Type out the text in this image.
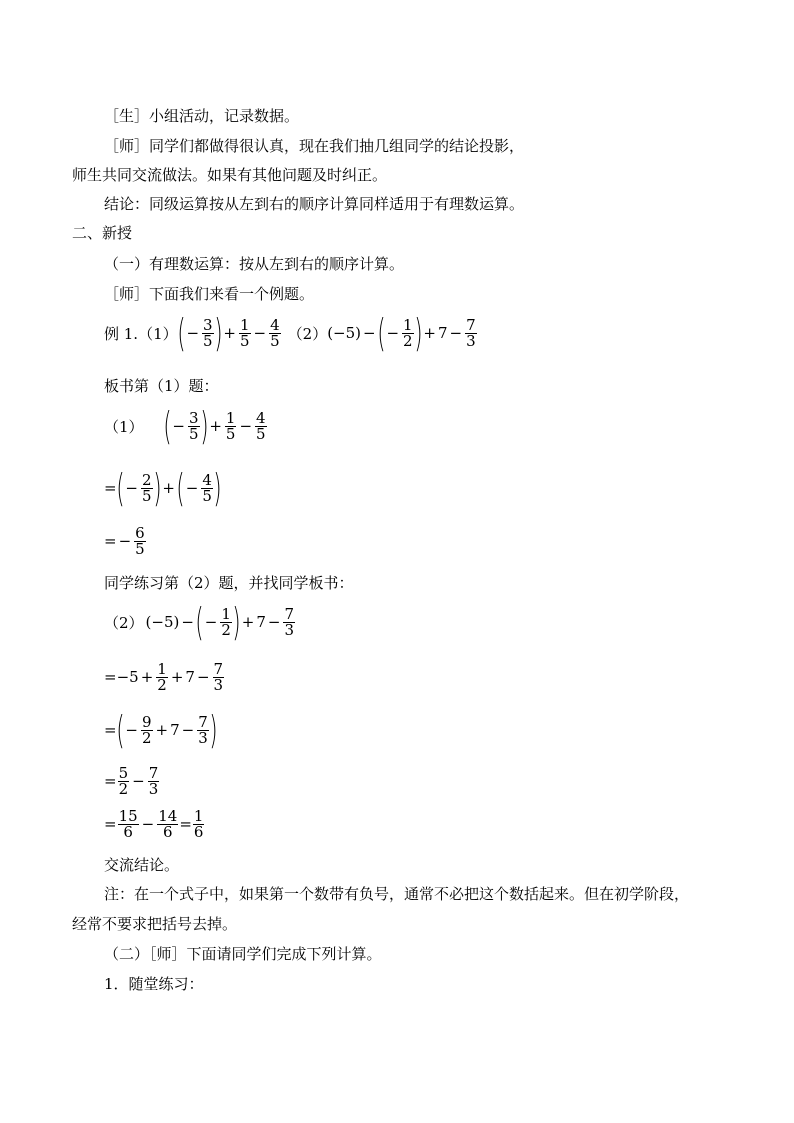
［生］小组活动，记录数据。
［师］同学们都做得很认真，现在我们抽几组同学的结论投影，
师生共同交流做法。如果有其他问题及时纠正。
结论：同级运算按从左到右的顺序计算同样适用于有理数运算。
二、新授
（一）有理数运算：按从左到右的顺序计算。
［师］下面我们来看一个例题。
例 1.（1） ( − $\frac{3}{5}$ ) + $\frac{1}{5} - \frac{4}{5} (2) (-5)$ − ( − $\frac{1}{2}$ ) + $7 - \frac{7}{3}$
板书第（1）题：
（1） ( − $\frac{3}{5}$ ) + $\frac{1}{5} - \frac{4}{5}$
= ( − $\frac{2}{5}$ ) + ( − $\frac{4}{5}$ )
= − $\frac{6}{5}$
同学练习第（2）题，并找同学板书：
（2） (−5) − ( − $\frac{1}{2}$ ) + $7 - \frac{7}{3}$
= $-5 + \frac{1}{2} + 7 - \frac{7}{3}$
= ( − $\frac{9}{2} + 7 - \frac{7}{3}$ )
= $\frac{5}{2} - \frac{7}{3}$
= $\frac{15}{6} - \frac{14}{6} = \frac{1}{6}$
交流结论。
注：在一个式子中，如果第一个数带有负号，通常不必把这个数括起来。但在初学阶段，
经常不要求把括号去掉。
（二）［师］下面请同学们完成下列计算。
1．随堂练习：
